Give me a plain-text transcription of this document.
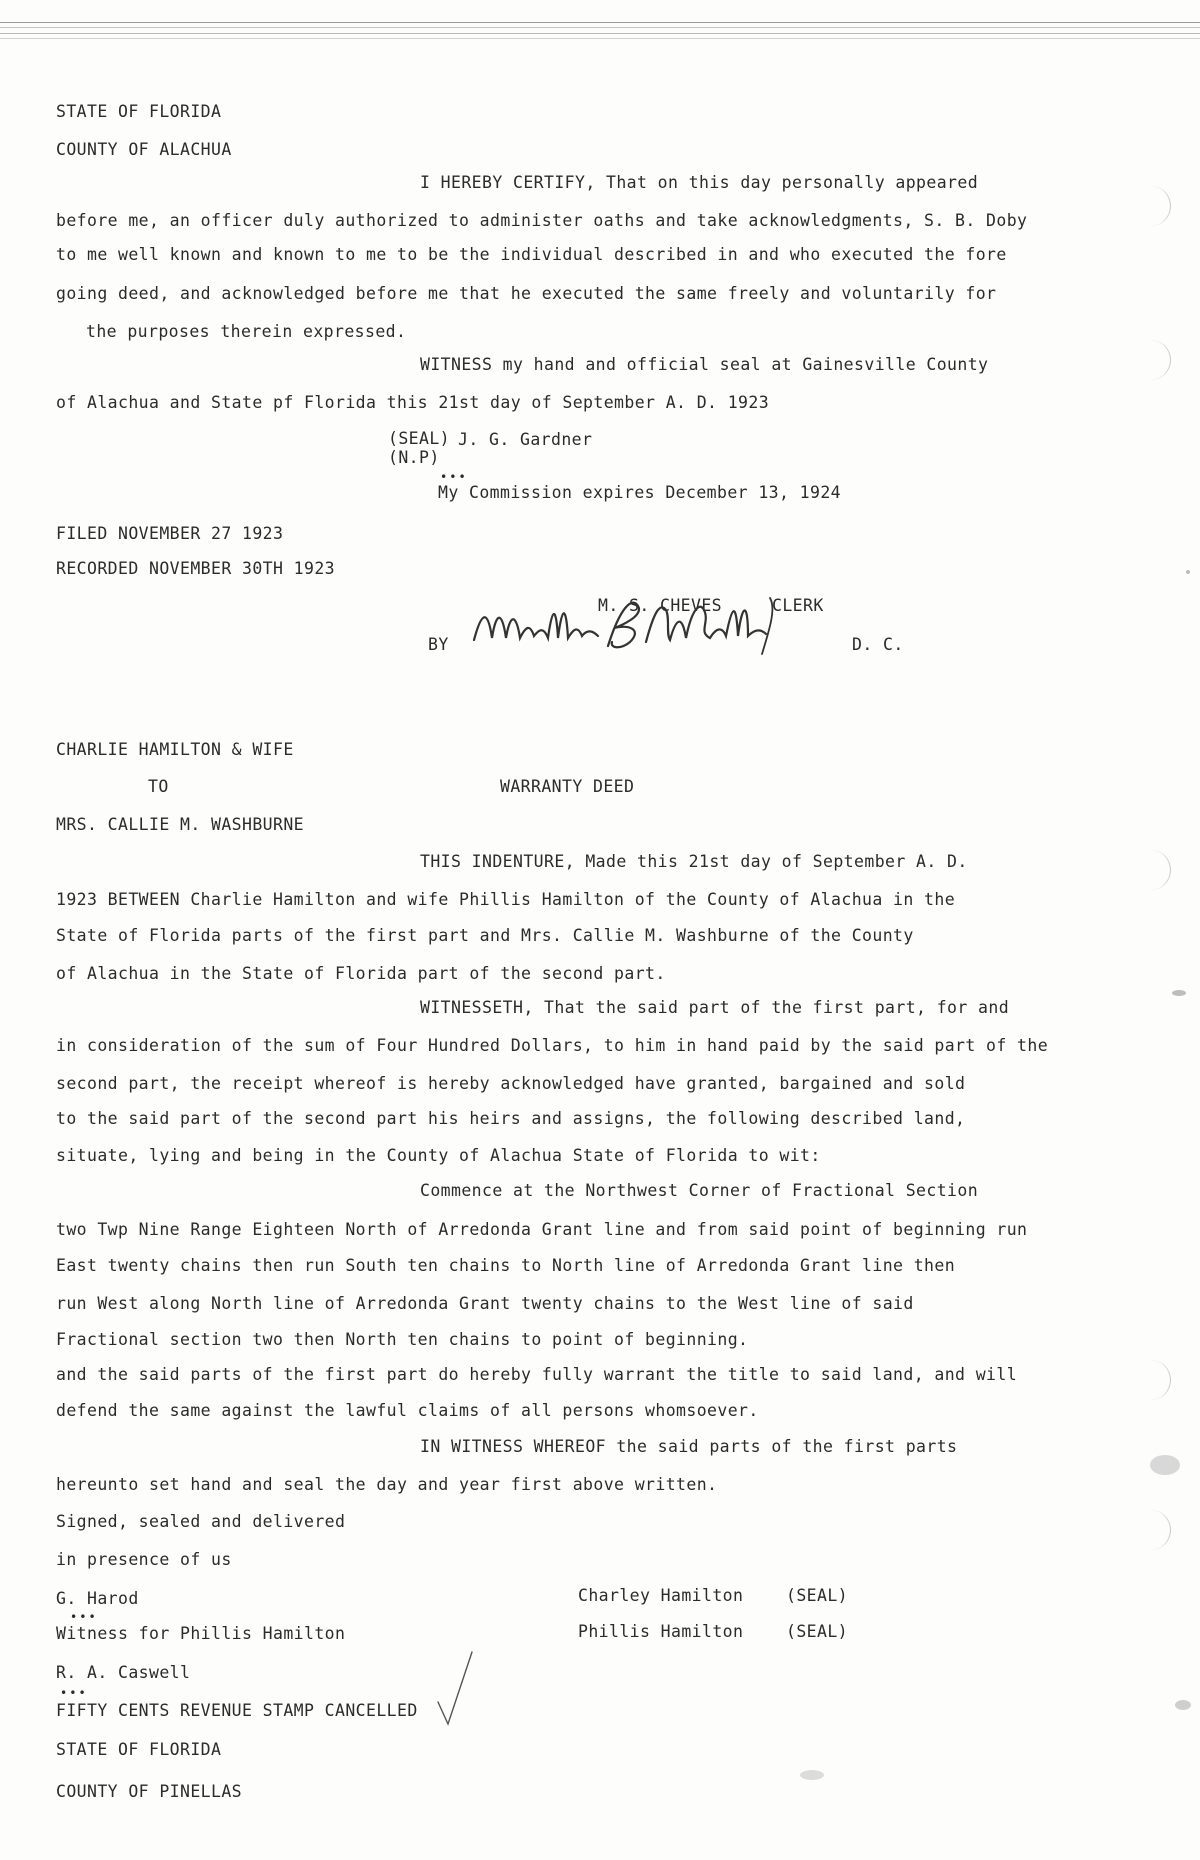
STATE OF FLORIDA
COUNTY OF ALACHUA
I HEREBY CERTIFY, That on this day personally appeared
before me, an officer duly authorized to administer oaths and take acknowledgments, S. B. Doby
to me well known and known to me to be the individual described in and who executed the fore
going deed, and acknowledged before me that he executed the same freely and voluntarily for
the purposes therein expressed.
WITNESS my hand and official seal at Gainesville County
of Alachua and State pf Florida this 21st day of September A. D. 1923
(SEAL) J. G. Gardner
(N.P)
•••
My Commission expires December 13, 1924
FILED NOVEMBER 27 1923
RECORDED NOVEMBER 30TH 1923
M. S. CHEVES	CLERK
BY	D. C.
CHARLIE HAMILTON & WIFE
TO	WARRANTY DEED
MRS. CALLIE M. WASHBURNE
THIS INDENTURE, Made this 21st day of September A. D.
1923 BETWEEN Charlie Hamilton and wife Phillis Hamilton of the County of Alachua in the
State of Florida parts of the first part and Mrs. Callie M. Washburne of the County
of Alachua in the State of Florida part of the second part.
WITNESSETH, That the said part of the first part, for and
in consideration of the sum of Four Hundred Dollars, to him in hand paid by the said part of the
second part, the receipt whereof is hereby acknowledged have granted, bargained and sold
to the said part of the second part his heirs and assigns, the following described land,
situate, lying and being in the County of Alachua State of Florida to wit:
Commence at the Northwest Corner of Fractional Section
two Twp Nine Range Eighteen North of Arredonda Grant line and from said point of beginning run
East twenty chains then run South ten chains to North line of Arredonda Grant line then
run West along North line of Arredonda Grant twenty chains to the West line of said
Fractional section two then North ten chains to point of beginning.
and the said parts of the first part do hereby fully warrant the title to said land, and will
defend the same against the lawful claims of all persons whomsoever.
IN WITNESS WHEREOF the said parts of the first parts
hereunto set hand and seal the day and year first above written.
Signed, sealed and delivered
in presence of us
G. Harod	Charley Hamilton	(SEAL)
•••
Witness for Phillis Hamilton	Phillis Hamilton	(SEAL)
R. A. Caswell
•••
FIFTY CENTS REVENUE STAMP CANCELLED
STATE OF FLORIDA
COUNTY OF PINELLAS
